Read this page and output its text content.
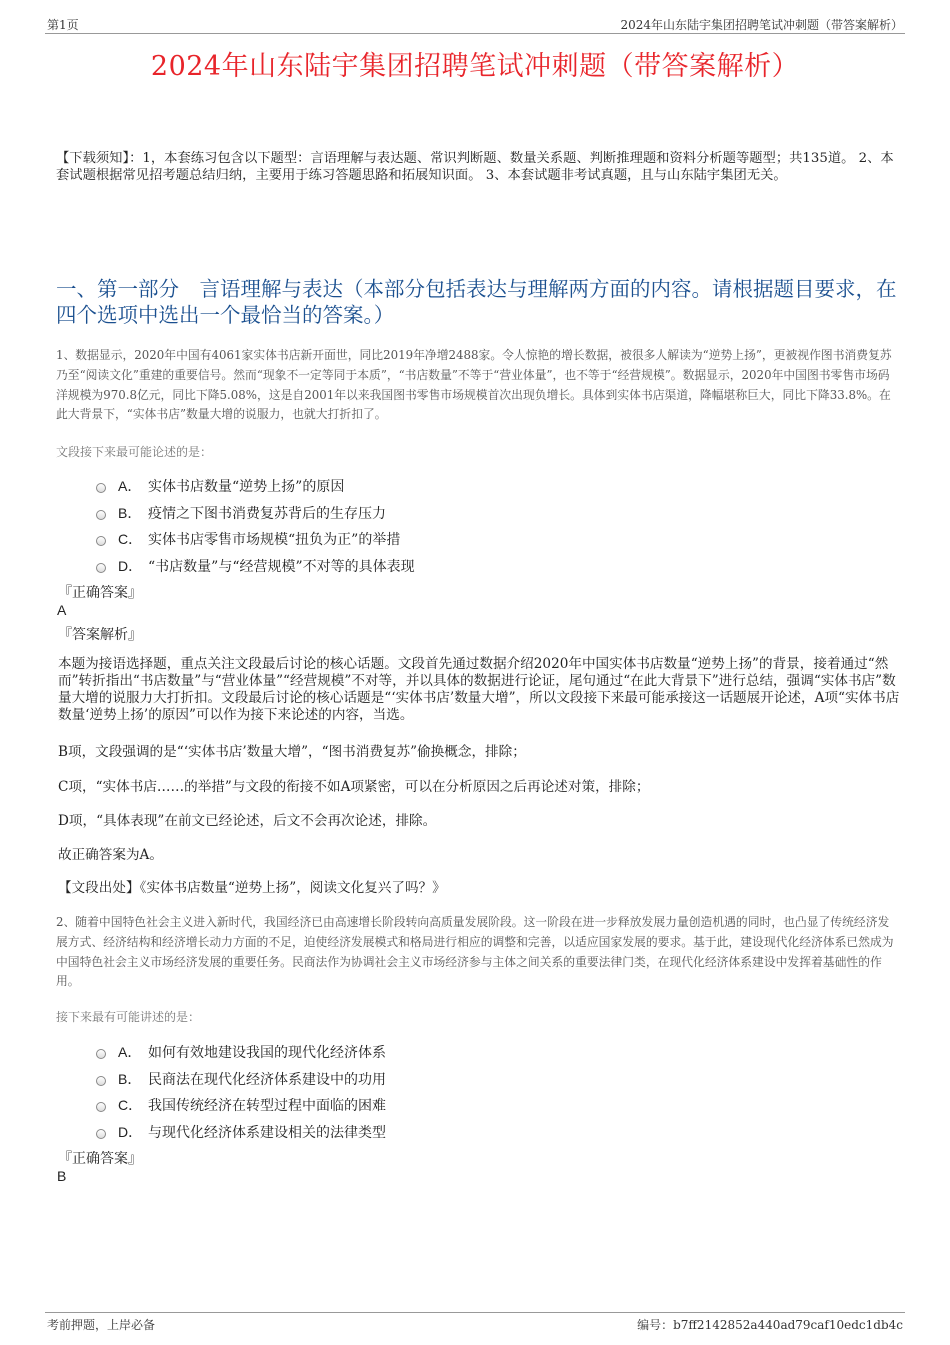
第1页	2024年山东陆宇集团招聘笔试冲刺题（带答案解析）
2024年山东陆宇集团招聘笔试冲刺题（带答案解析）
【下载须知】：1，本套练习包含以下题型：言语理解与表达题、常识判断题、数量关系题、判断推理题和资料分析题等题型；共135道。 2、本套试题根据常见招考题总结归纳，主要用于练习答题思路和拓展知识面。 3、本套试题非考试真题，且与山东陆宇集团无关。
一、第一部分　言语理解与表达（本部分包括表达与理解两方面的内容。请根据题目要求，在四个选项中选出一个最恰当的答案。）
1、数据显示，2020年中国有4061家实体书店新开面世，同比2019年净增2488家。令人惊艳的增长数据，被很多人解读为“逆势上扬”，更被视作图书消费复苏乃至“阅读文化”重建的重要信号。然而“现象不一定等同于本质”，“书店数量”不等于“营业体量”，也不等于“经营规模”。数据显示，2020年中国图书零售市场码洋规模为970.8亿元，同比下降5.08%，这是自2001年以来我国图书零售市场规模首次出现负增长。具体到实体书店渠道，降幅堪称巨大，同比下降33.8%。在此大背景下，“实体书店”数量大增的说服力，也就大打折扣了。
文段接下来最可能论述的是：
A． 实体书店数量“逆势上扬”的原因
B． 疫情之下图书消费复苏背后的生存压力
C． 实体书店零售市场规模“扭负为正”的举措
D． “书店数量”与“经营规模”不对等的具体表现
『正确答案』
A
『答案解析』
本题为接语选择题，重点关注文段最后讨论的核心话题。文段首先通过数据介绍2020年中国实体书店数量“逆势上扬”的背景，接着通过“然而”转折指出“书店数量”与“营业体量”“经营规模”不对等，并以具体的数据进行论证，尾句通过“在此大背景下”进行总结，强调“实体书店”数量大增的说服力大打折扣。文段最后讨论的核心话题是“‘实体书店’数量大增”，所以文段接下来最可能承接这一话题展开论述，A项“实体书店数量‘逆势上扬’的原因”可以作为接下来论述的内容，当选。
B项，文段强调的是“‘实体书店’数量大增”，“图书消费复苏”偷换概念，排除；
C项，“实体书店……的举措”与文段的衔接不如A项紧密，可以在分析原因之后再论述对策，排除；
D项，“具体表现”在前文已经论述，后文不会再次论述，排除。
故正确答案为A。
【文段出处】《实体书店数量“逆势上扬”，阅读文化复兴了吗？》
2、随着中国特色社会主义进入新时代，我国经济已由高速增长阶段转向高质量发展阶段。这一阶段在进一步释放发展力量创造机遇的同时，也凸显了传统经济发展方式、经济结构和经济增长动力方面的不足，迫使经济发展模式和格局进行相应的调整和完善，以适应国家发展的要求。基于此，建设现代化经济体系已然成为中国特色社会主义市场经济发展的重要任务。民商法作为协调社会主义市场经济参与主体之间关系的重要法律门类，在现代化经济体系建设中发挥着基础性的作用。
接下来最有可能讲述的是：
A． 如何有效地建设我国的现代化经济体系
B． 民商法在现代化经济体系建设中的功用
C． 我国传统经济在转型过程中面临的困难
D． 与现代化经济体系建设相关的法律类型
『正确答案』
B
考前押题，上岸必备	编号：b7ff2142852a440ad79caf10edc1db4c
